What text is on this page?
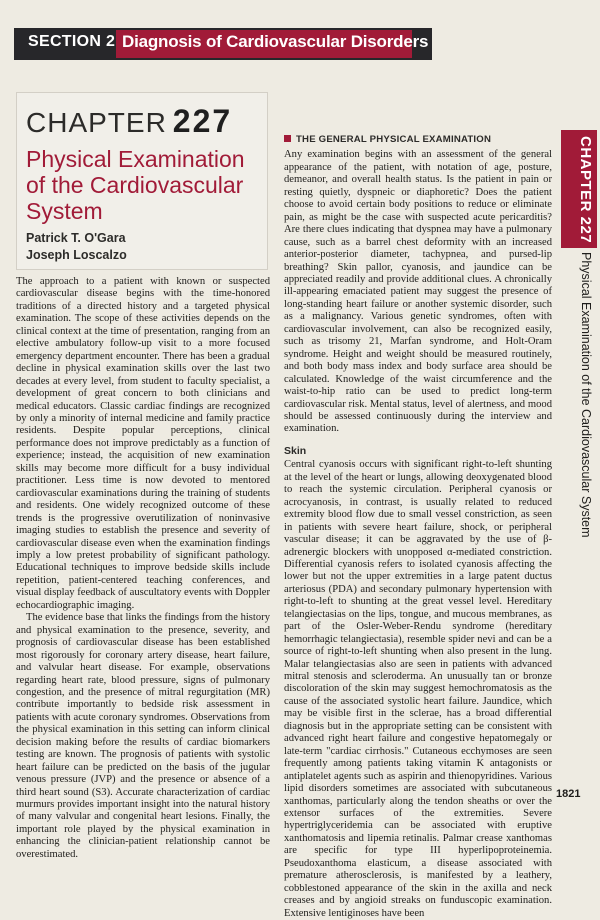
SECTION 2 Diagnosis of Cardiovascular Disorders
CHAPTER 227
Physical Examination of the Cardiovascular System
Patrick T. O'Gara
Joseph Loscalzo

The approach to a patient with known or suspected cardiovascular disease begins with the time-honored traditions of a directed history and a targeted physical examination. The scope of these activities depends on the clinical context at the time of presentation, ranging from an elective ambulatory follow-up visit to a more focused emergency department encounter. There has been a gradual decline in physical examination skills over the last two decades at every level, from student to faculty specialist, a development of great concern to both clinicians and medical educators. Classic cardiac findings are recognized by only a minority of internal medicine and family practice residents. Despite popular perceptions, clinical performance does not improve predictably as a function of experience; instead, the acquisition of new examination skills may become more difficult for a busy individual practitioner. Less time is now devoted to mentored cardiovascular examinations during the training of students and residents. One widely recognized outcome of these trends is the progressive overutilization of noninvasive imaging studies to establish the presence and severity of cardiovascular disease even when the examination findings imply a low pretest probability of significant pathology. Educational techniques to improve bedside skills include repetition, patient-centered teaching conferences, and visual display feedback of auscultatory events with Doppler echocardiographic imaging.

The evidence base that links the findings from the history and physical examination to the presence, severity, and prognosis of cardiovascular disease has been established most rigorously for coronary artery disease, heart failure, and valvular heart disease. For example, observations regarding heart rate, blood pressure, signs of pulmonary congestion, and the presence of mitral regurgitation (MR) contribute importantly to bedside risk assessment in patients with acute coronary syndromes. Observations from the physical examination in this setting can inform clinical decision making before the results of cardiac biomarkers testing are known. The prognosis of patients with systolic heart failure can be predicted on the basis of the jugular venous pressure (JVP) and the presence or absence of a third heart sound (S3). Accurate characterization of cardiac murmurs provides important insight into the natural history of many valvular and congenital heart lesions. Finally, the important role played by the physical examination in enhancing the clinician-patient relationship cannot be overestimated.

THE GENERAL PHYSICAL EXAMINATION

Any examination begins with an assessment of the general appearance of the patient, with notation of age, posture, demeanor, and overall health status. Is the patient in pain or resting quietly, dyspneic or diaphoretic? Does the patient choose to avoid certain body positions to reduce or eliminate pain, as might be the case with suspected acute pericarditis? Are there clues indicating that dyspnea may have a pulmonary cause, such as a barrel chest deformity with an increased anterior-posterior diameter, tachypnea, and pursed-lip breathing? Skin pallor, cyanosis, and jaundice can be appreciated readily and provide additional clues. A chronically ill-appearing emaciated patient may suggest the presence of long-standing heart failure or another systemic disorder, such as a malignancy. Various genetic syndromes, often with cardiovascular involvement, can also be recognized easily, such as trisomy 21, Marfan syndrome, and Holt-Oram syndrome. Height and weight should be measured routinely, and both body mass index and body surface area should be calculated. Knowledge of the waist circumference and the waist-to-hip ratio can be used to predict long-term cardiovascular risk. Mental status, level of alertness, and mood should be assessed continuously during the interview and examination.

Skin

Central cyanosis occurs with significant right-to-left shunting at the level of the heart or lungs, allowing deoxygenated blood to reach the systemic circulation. Peripheral cyanosis or acrocyanosis, in contrast, is usually related to reduced extremity blood flow due to small vessel constriction, as seen in patients with severe heart failure, shock, or peripheral vascular disease; it can be aggravated by the use of β-adrenergic blockers with unopposed α-mediated constriction. Differential cyanosis refers to isolated cyanosis affecting the lower but not the upper extremities in a large patent ductus arteriosus (PDA) and secondary pulmonary hypertension with right-to-left to shunting at the great vessel level. Hereditary telangiectasias on the lips, tongue, and mucous membranes, as part of the Osler-Weber-Rendu syndrome (hereditary hemorrhagic telangiectasia), resemble spider nevi and can be a source of right-to-left shunting when also present in the lung. Malar telangiectasias also are seen in patients with advanced mitral stenosis and scleroderma. An unusually tan or bronze discoloration of the skin may suggest hemochromatosis as the cause of the associated systolic heart failure. Jaundice, which may be visible first in the sclerae, has a broad differential diagnosis but in the appropriate setting can be consistent with advanced right heart failure and congestive hepatomegaly or late-term "cardiac cirrhosis." Cutaneous ecchymoses are seen frequently among patients taking vitamin K antagonists or antiplatelet agents such as aspirin and thienopyridines. Various lipid disorders sometimes are associated with subcutaneous xanthomas, particularly along the tendon sheaths or over the extensor surfaces of the extremities. Severe hypertriglyceridemia can be associated with eruptive xanthomatosis and lipemia retinalis. Palmar crease xanthomas are specific for type III hyperlipoproteinemia. Pseudoxanthoma elasticum, a disease associated with premature atherosclerosis, is manifested by a leathery, cobblestoned appearance of the skin in the axilla and neck creases and by angioid streaks on funduscopic examination. Extensive lentiginoses have been

CHAPTER 227
Physical Examination of the Cardiovascular System
1821
